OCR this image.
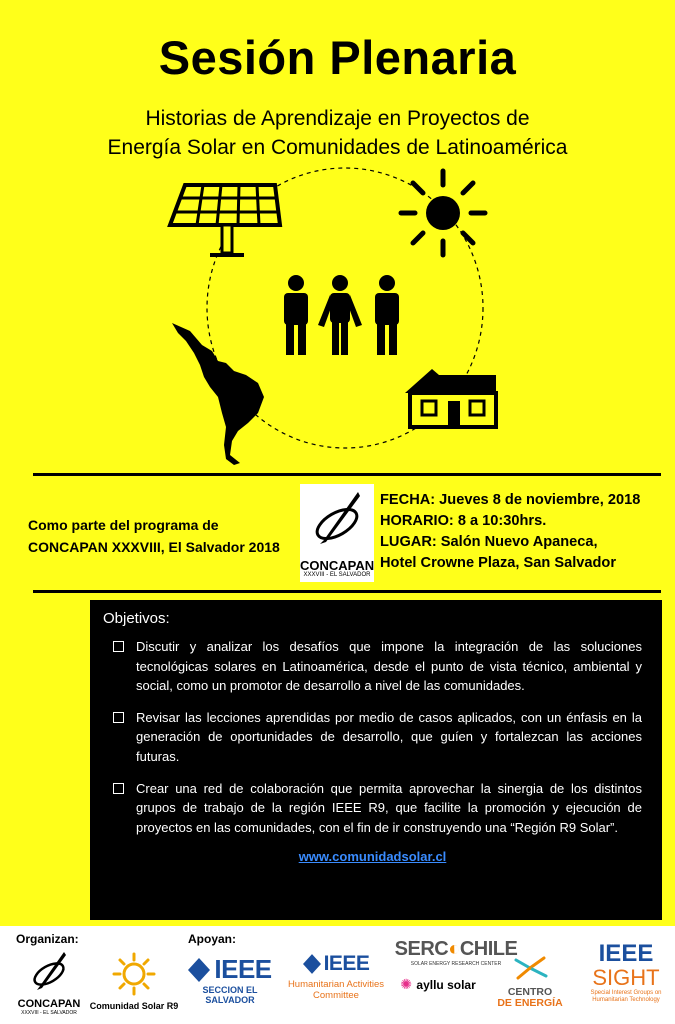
Sesión Plenaria
Historias de Aprendizaje en Proyectos de
Energía Solar en Comunidades de Latinoamérica
Como parte del programa de
CONCAPAN XXXVIII, El Salvador 2018
CONCAPAN
XXXVIII - EL SALVADOR
FECHA: Jueves 8 de noviembre, 2018
HORARIO: 8 a 10:30hrs.
LUGAR: Salón Nuevo Apaneca,
Hotel Crowne Plaza, San Salvador
Objetivos:
Discutir y analizar los desafíos que impone la integración de las soluciones tecnológicas solares en Latinoamérica, desde el punto de vista técnico, ambiental y social, como un promotor de desarrollo a nivel de las comunidades.
Revisar las lecciones aprendidas por medio de casos aplicados, con un énfasis en la generación de oportunidades de desarrollo, que guíen y fortalezcan las acciones futuras.
Crear una red de colaboración que permita aprovechar la sinergia de los distintos grupos de trabajo de la región IEEE R9, que facilite la promoción y ejecución de proyectos en las comunidades, con el fin de ir construyendo una “Región R9 Solar”.
www.comunidadsolar.cl
Organizan:	Apoyan:
CONCAPAN
XXXVIII - EL SALVADOR
Comunidad Solar R9
IEEE
SECCION EL SALVADOR
IEEE
Humanitarian Activities
Committee
SERC◐CHILE
SOLAR ENERGY RESEARCH CENTER
✺ ayllu solar	CENTRO
DE ENERGÍA
IEEE
SIGHT
Special Interest Groups on Humanitarian Technology
